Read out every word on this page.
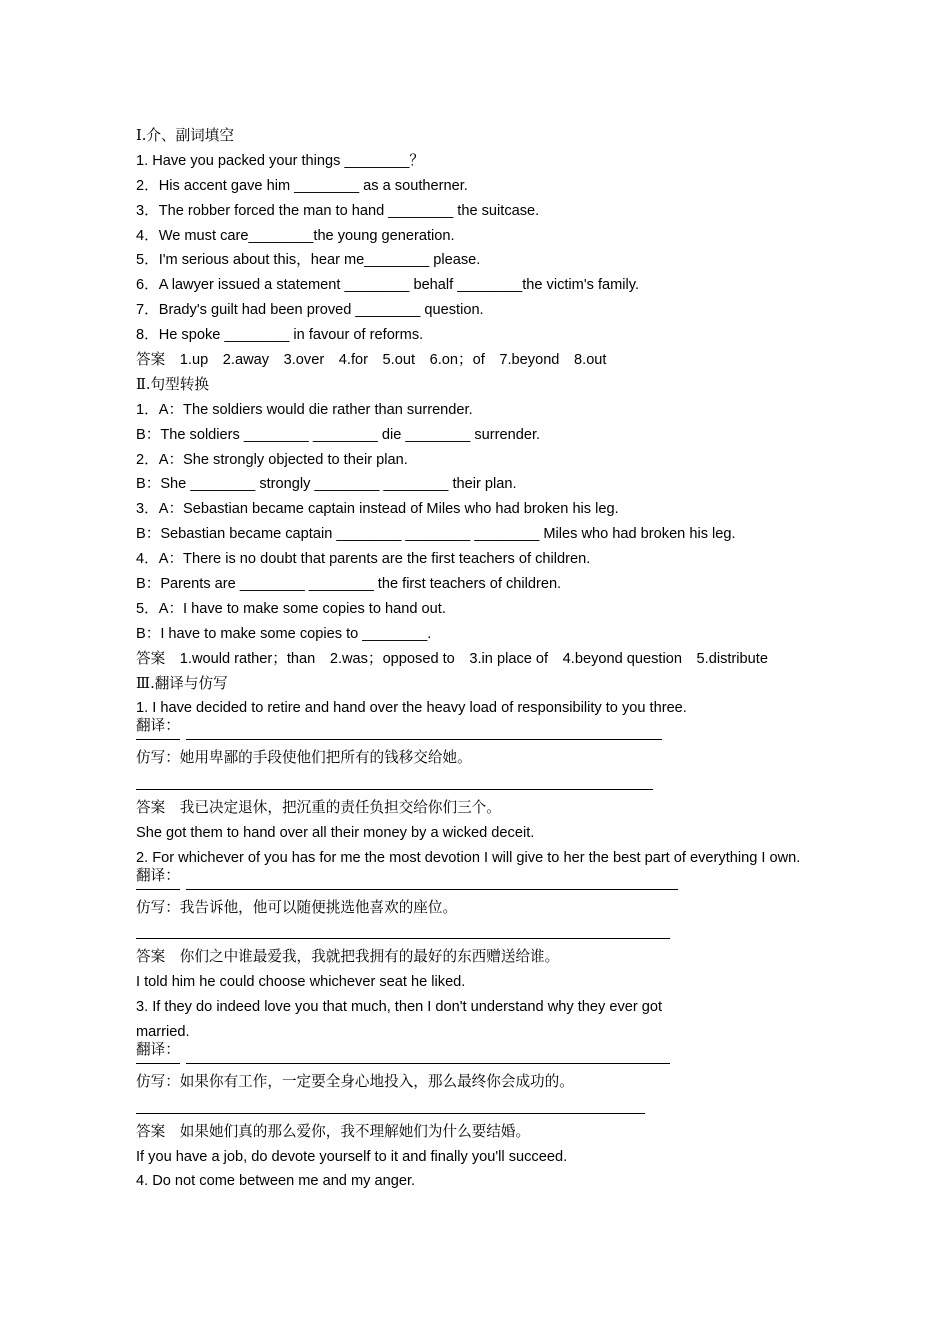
Ⅰ.介、副词填空
1. Have you packed your things ________？
2．His accent gave him ________ as a southerner.
3．The robber forced the man to hand ________ the suitcase.
4．We must care________the young generation.
5．I'm serious about this，hear me________ please.
6．A lawyer issued a statement ________ behalf ________the victim's family.
7．Brady's guilt had been proved ________ question.
8．He spoke ________ in favour of reforms.
答案　1.up　2.away　3.over　4.for　5.out　6.on；of　7.beyond　8.out
Ⅱ.句型转换
1．A：The soldiers would die rather than surrender.
B：The soldiers ________ ________ die ________ surrender.
2．A：She strongly objected to their plan.
B：She ________ strongly ________ ________ their plan.
3．A：Sebastian became captain instead of Miles who had broken his leg.
B：Sebastian became captain ________ ________ ________ Miles who had broken his leg.
4．A：There is no doubt that parents are the first teachers of children.
B：Parents are ________ ________ the first teachers of children.
5．A：I have to make some copies to hand out.
B：I have to make some copies to ________.
答案　1.would rather；than　2.was；opposed to　3.in place of　4.beyond question　5.distribute
Ⅲ.翻译与仿写
1. I have decided to retire and hand over the heavy load of responsibility to you three.
翻译：
仿写：她用卑鄙的手段使他们把所有的钱移交给她。
答案　我已决定退休，把沉重的责任负担交给你们三个。
She got them to hand over all their money by a wicked deceit.
2. For whichever of you has for me the most devotion I will give to her the best part of everything I own.
翻译：
仿写：我告诉他，他可以随便挑选他喜欢的座位。
答案　你们之中谁最爱我，我就把我拥有的最好的东西赠送给谁。
I told him he could choose whichever seat he liked.
3. If they do indeed love you that much, then I don't understand why they ever got
married.
翻译：
仿写：如果你有工作，一定要全身心地投入，那么最终你会成功的。
答案　如果她们真的那么爱你，我不理解她们为什么要结婚。
If you have a job, do devote yourself to it and finally you'll succeed.
4. Do not come between me and my anger.
